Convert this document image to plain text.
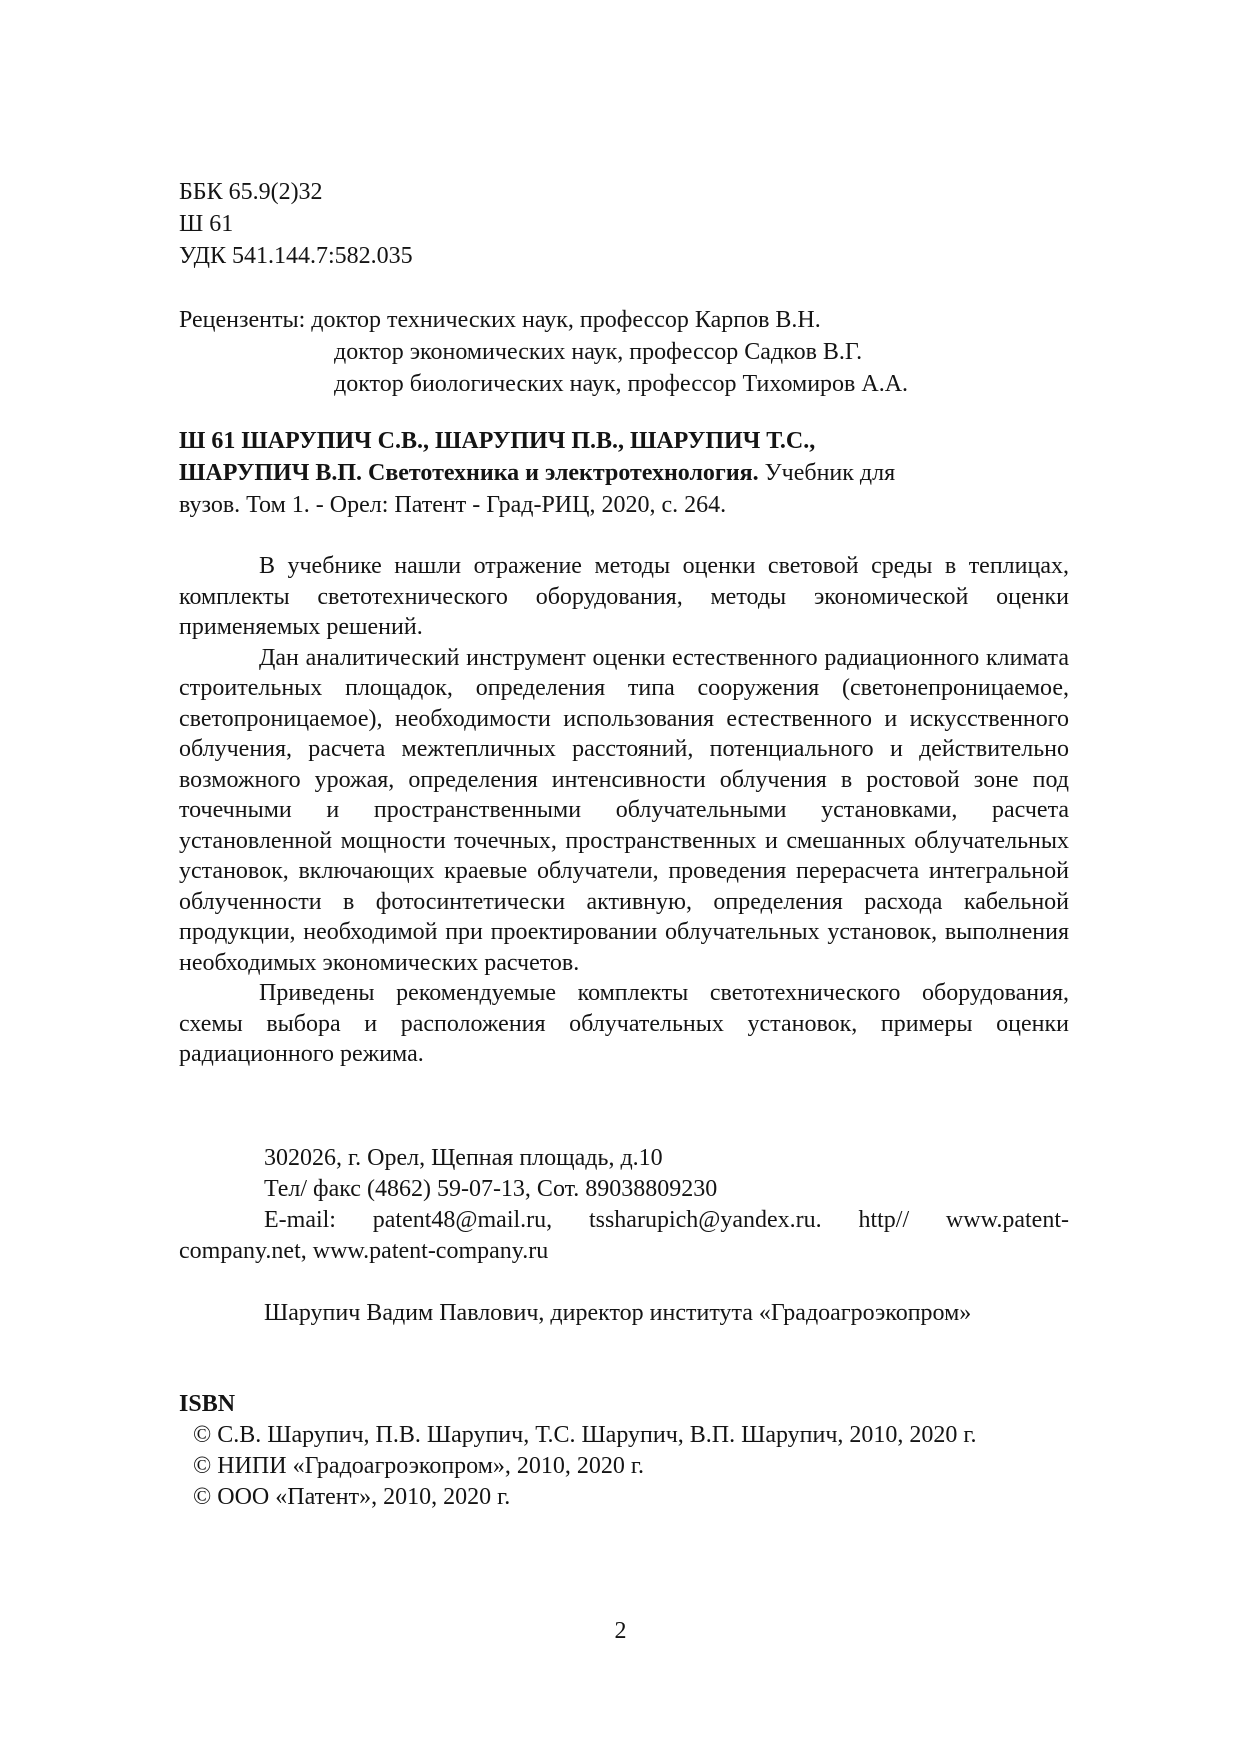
ББК 65.9(2)32
Ш 61
УДК 541.144.7:582.035
Рецензенты: доктор технических наук, профессор Карпов В.Н.
доктор экономических наук, профессор Садков В.Г.
доктор биологических наук, профессор Тихомиров А.А.
Ш 61 ШАРУПИЧ С.В., ШАРУПИЧ П.В., ШАРУПИЧ Т.С.,
ШАРУПИЧ В.П. Светотехника и электротехнология. Учебник для
вузов. Том 1. - Орел: Патент - Град-РИЦ, 2020, с. 264.

В учебнике нашли отражение методы оценки световой среды в теплицах, комплекты светотехнического оборудования, методы экономической оценки применяемых решений.

Дан аналитический инструмент оценки естественного радиационного климата строительных площадок, определения типа сооружения (светонепроницаемое, светопроницаемое), необходимости использования естественного и искусственного облучения, расчета межтепличных расстояний, потенциального и действительно возможного урожая, определения интенсивности облучения в ростовой зоне под точечными и пространственными облучательными установками, расчета установленной мощности точечных, пространственных и смешанных облучательных установок, включающих краевые облучатели, проведения перерасчета интегральной облученности в фотосинтетически активную, определения расхода кабельной продукции, необходимой при проектировании облучательных установок, выполнения необходимых экономических расчетов.

Приведены рекомендуемые комплекты светотехнического оборудования, схемы выбора и расположения облучательных установок, примеры оценки радиационного режима.

302026, г. Орел, Щепная площадь, д.10
Тел/ факс (4862) 59-07-13, Сот. 89038809230

E-mail: patent48@mail.ru, tssharupich@yandex.ru. http// www.patent-company.net, www.patent-company.ru

Шарупич Вадим Павлович, директор института «Градоагроэкопром»

ISBN

© С.В. Шарупич, П.В. Шарупич, Т.С. Шарупич, В.П. Шарупич, 2010, 2020 г.

© НИПИ «Градоагроэкопром», 2010, 2020 г.
© ООО «Патент», 2010, 2020 г.
2
